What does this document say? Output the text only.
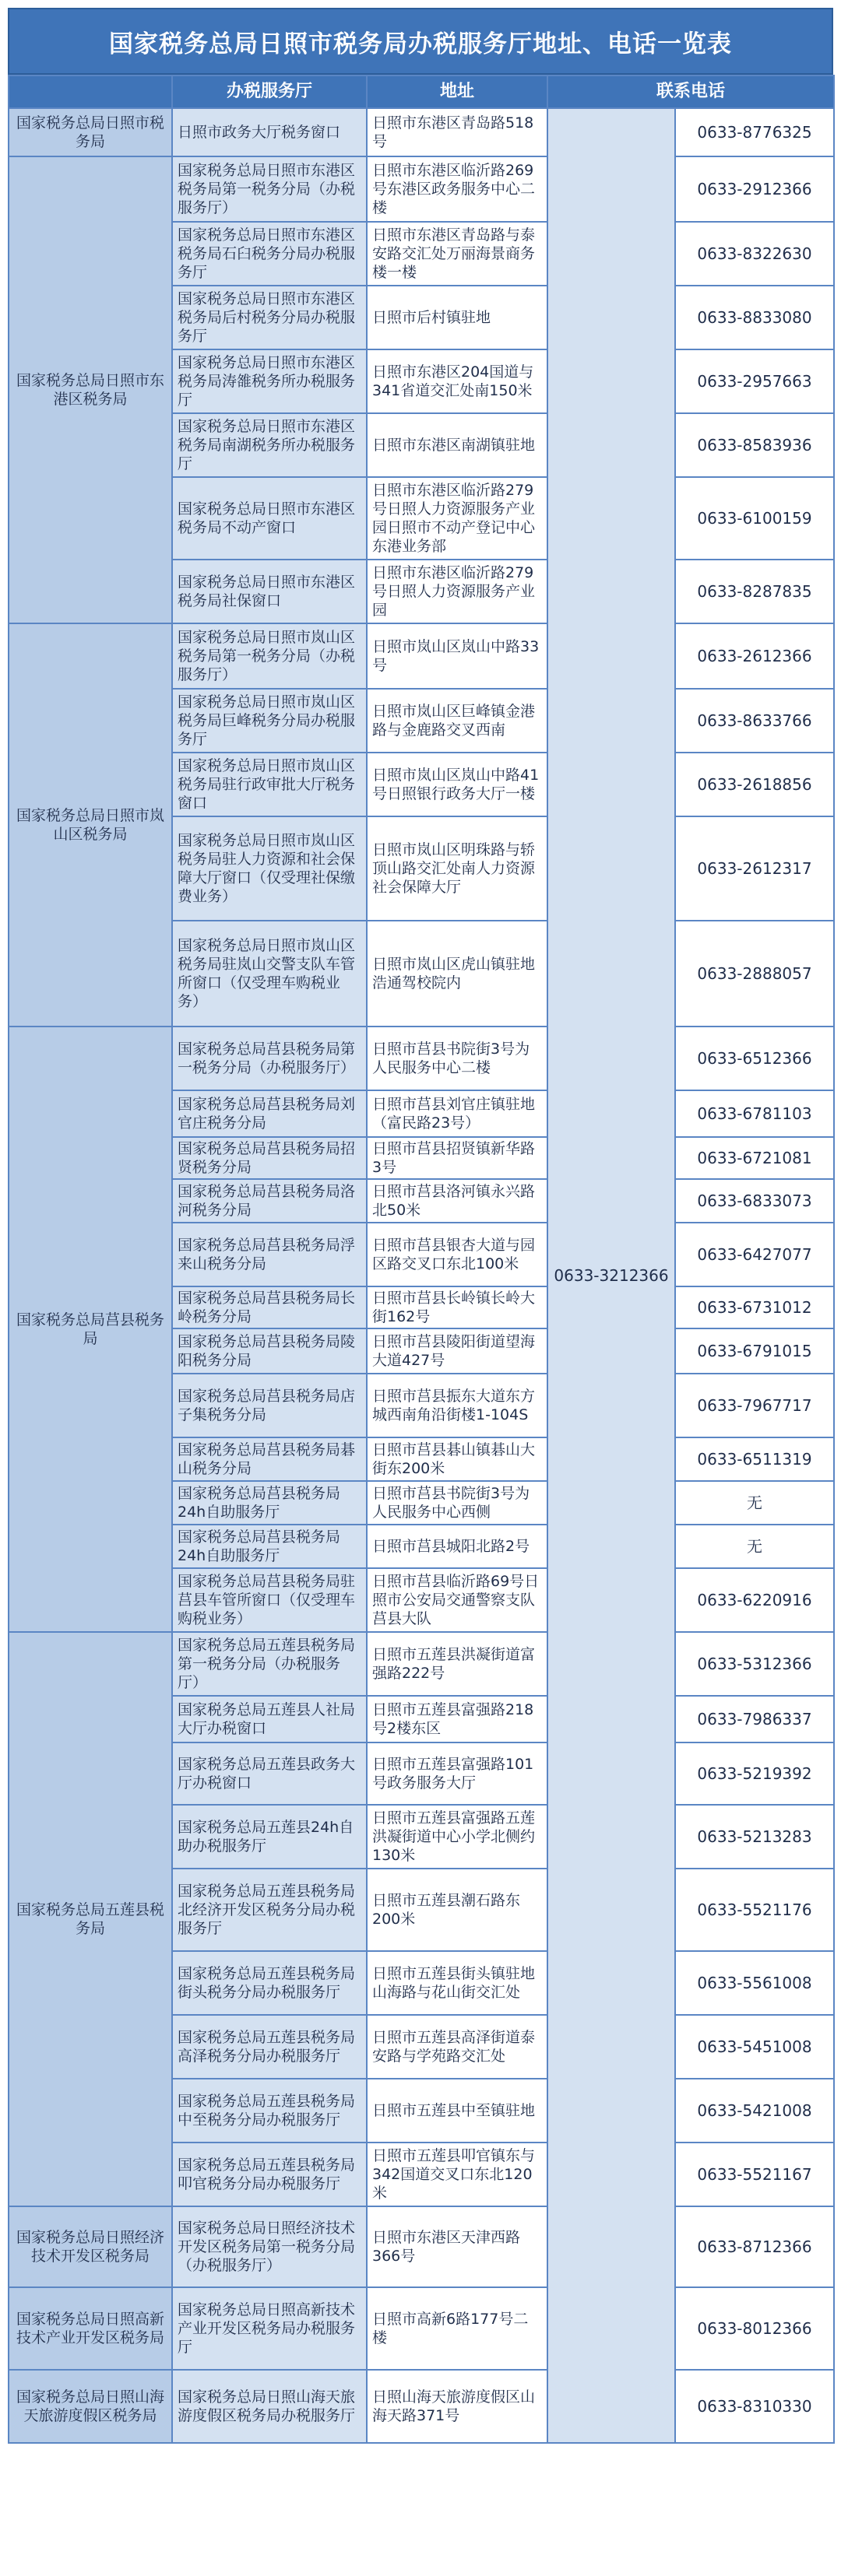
国家税务总局日照市税务局办税服务厅地址、电话一览表
	办税服务厅	地址	联系电话	
国家税务总局日照市税务局	日照市政务大厅税务窗口	日照市东港区青岛路518号	0633-3212366	0633-8776325
国家税务总局日照市东港区税务局	国家税务总局日照市东港区税务局第一税务分局（办税服务厅）	日照市东港区临沂路269号东港区政务服务中心二楼		0633-2912366
	国家税务总局日照市东港区税务局石臼税务分局办税服务厅	日照市东港区青岛路与泰安路交汇处万丽海景商务楼一楼		0633-8322630
	国家税务总局日照市东港区税务局后村税务分局办税服务厅	日照市后村镇驻地		0633-8833080
	国家税务总局日照市东港区税务局涛雒税务所办税服务厅	日照市东港区204国道与341省道交汇处南150米		0633-2957663
	国家税务总局日照市东港区税务局南湖税务所办税服务厅	日照市东港区南湖镇驻地		0633-8583936
	国家税务总局日照市东港区税务局不动产窗口	日照市东港区临沂路279号日照人力资源服务产业园日照市不动产登记中心东港业务部		0633-6100159
	国家税务总局日照市东港区税务局社保窗口	日照市东港区临沂路279号日照人力资源服务产业园		0633-8287835
国家税务总局日照市岚山区税务局	国家税务总局日照市岚山区税务局第一税务分局（办税服务厅）	日照市岚山区岚山中路33号		0633-2612366
	国家税务总局日照市岚山区税务局巨峰税务分局办税服务厅	日照市岚山区巨峰镇金港路与金鹿路交叉西南		0633-8633766
	国家税务总局日照市岚山区税务局驻行政审批大厅税务窗口	日照市岚山区岚山中路41号日照银行政务大厅一楼		0633-2618856
	国家税务总局日照市岚山区税务局驻人力资源和社会保障大厅窗口（仅受理社保缴费业务）	日照市岚山区明珠路与轿顶山路交汇处南人力资源社会保障大厅		0633-2612317
	国家税务总局日照市岚山区税务局驻岚山交警支队车管所窗口（仅受理车购税业务）	日照市岚山区虎山镇驻地浩通驾校院内		0633-2888057
国家税务总局莒县税务局	国家税务总局莒县税务局第一税务分局（办税服务厅）	日照市莒县书院街3号为人民服务中心二楼		0633-6512366
	国家税务总局莒县税务局刘官庄税务分局	日照市莒县刘官庄镇驻地（富民路23号）		0633-6781103
	国家税务总局莒县税务局招贤税务分局	日照市莒县招贤镇新华路3号		0633-6721081
	国家税务总局莒县税务局洛河税务分局	日照市莒县洛河镇永兴路北50米		0633-6833073
	国家税务总局莒县税务局浮来山税务分局	日照市莒县银杏大道与园区路交叉口东北100米		0633-6427077
	国家税务总局莒县税务局长岭税务分局	日照市莒县长岭镇长岭大街162号		0633-6731012
	国家税务总局莒县税务局陵阳税务分局	日照市莒县陵阳街道望海大道427号		0633-6791015
	国家税务总局莒县税务局店子集税务分局	日照市莒县振东大道东方城西南角沿街楼1-104S		0633-7967717
	国家税务总局莒县税务局碁山税务分局	日照市莒县碁山镇碁山大街东200米		0633-6511319
	国家税务总局莒县税务局24h自助服务厅	日照市莒县书院街3号为人民服务中心西侧		无
	国家税务总局莒县税务局24h自助服务厅	日照市莒县城阳北路2号		无
	国家税务总局莒县税务局驻莒县车管所窗口（仅受理车购税业务）	日照市莒县临沂路69号日照市公安局交通警察支队莒县大队		0633-6220916
国家税务总局五莲县税务局	国家税务总局五莲县税务局第一税务分局（办税服务厅）	日照市五莲县洪凝街道富强路222号		0633-5312366
	国家税务总局五莲县人社局大厅办税窗口	日照市五莲县富强路218号2楼东区		0633-7986337
	国家税务总局五莲县政务大厅办税窗口	日照市五莲县富强路101号政务服务大厅		0633-5219392
	国家税务总局五莲县24h自助办税服务厅	日照市五莲县富强路五莲洪凝街道中心小学北侧约130米		0633-5213283
	国家税务总局五莲县税务局北经济开发区税务分局办税服务厅	日照市五莲县潮石路东200米		0633-5521176
	国家税务总局五莲县税务局街头税务分局办税服务厅	日照市五莲县街头镇驻地山海路与花山街交汇处		0633-5561008
	国家税务总局五莲县税务局高泽税务分局办税服务厅	日照市五莲县高泽街道泰安路与学苑路交汇处		0633-5451008
	国家税务总局五莲县税务局中至税务分局办税服务厅	日照市五莲县中至镇驻地		0633-5421008
	国家税务总局五莲县税务局叩官税务分局办税服务厅	日照市五莲县叩官镇东与342国道交叉口东北120米		0633-5521167
国家税务总局日照经济技术开发区税务局	国家税务总局日照经济技术开发区税务局第一税务分局（办税服务厅）	日照市东港区天津西路366号		0633-8712366
国家税务总局日照高新技术产业开发区税务局	国家税务总局日照高新技术产业开发区税务局办税服务厅	日照市高新6路177号二楼		0633-8012366
国家税务总局日照山海天旅游度假区税务局	国家税务总局日照山海天旅游度假区税务局办税服务厅	日照山海天旅游度假区山海天路371号		0633-8310330
